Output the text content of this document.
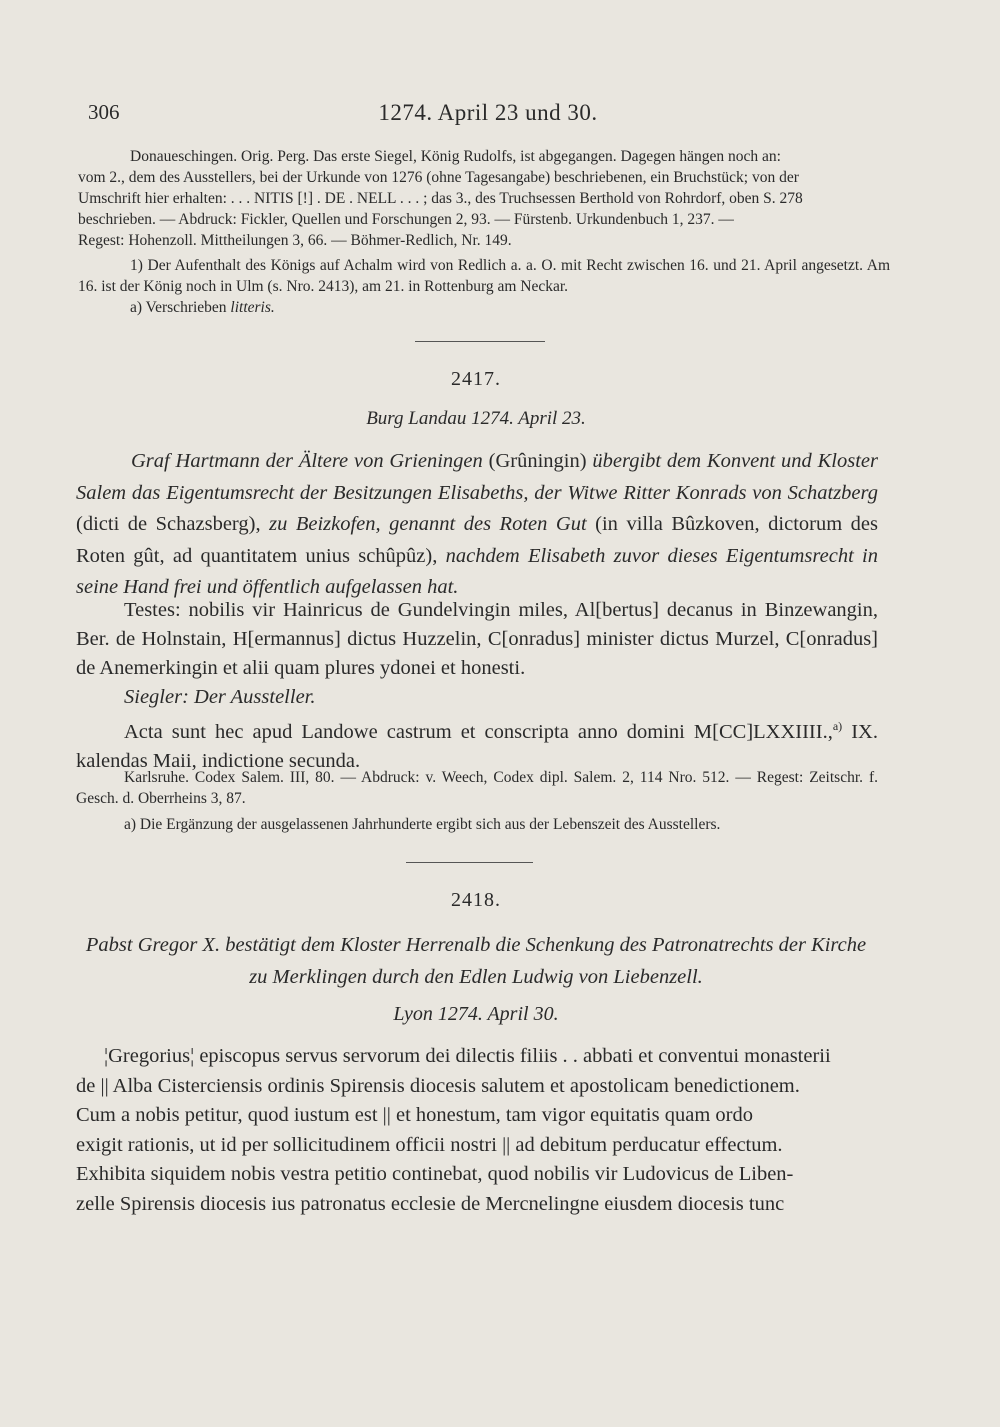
306	1274. April 23 und 30.

Donaueschingen. Orig. Perg. Das erste Siegel, König Rudolfs, ist abgegangen. Dagegen hängen noch an:

vom 2., dem des Ausstellers, bei der Urkunde von 1276 (ohne Tagesangabe) beschriebenen, ein Bruchstück; von der

Umschrift hier erhalten: . . . NITIS [!] . DE . NELL . . . ; das 3., des Truchsessen Berthold von Rohrdorf, oben S. 278

beschrieben. — Abdruck: Fickler, Quellen und Forschungen 2, 93. — Fürstenb. Urkundenbuch 1, 237. —

Regest: Hohenzoll. Mittheilungen 3, 66. — Böhmer-Redlich, Nr. 149.

1) Der Aufenthalt des Königs auf Achalm wird von Redlich a. a. O. mit Recht zwischen 16. und 21. April angesetzt. Am 16. ist der König noch in Ulm (s. Nro. 2413), am 21. in Rottenburg am Neckar.

a) Verschrieben litteris.

2417.
Burg Landau 1274. April 23.
Graf Hartmann der Ältere von Grieningen (Grûningin) übergibt dem Konvent und Kloster Salem das Eigentumsrecht der Besitzungen Elisabeths, der Witwe Ritter Konrads von Schatzberg (dicti de Schazsberg), zu Beizkofen, genannt des Roten Gut (in villa Bûzkoven, dictorum des Roten gût, ad quantitatem unius schûpûz), nachdem Elisabeth zuvor dieses Eigentumsrecht in seine Hand frei und öffentlich aufgelassen hat.

Testes: nobilis vir Hainricus de Gundelvingin miles, Al[bertus] decanus in Binzewangin, Ber. de Holnstain, H[ermannus] dictus Huzzelin, C[onradus] minister dictus Murzel, C[onradus] de Anemerkingin et alii quam plures ydonei et honesti.

Siegler: Der Aussteller.

Acta sunt hec apud Landowe castrum et conscripta anno domini M[CC]LXXIIII.,$^{a)}$ IX. kalendas Maii, indictione secunda.

Karlsruhe. Codex Salem. III, 80. — Abdruck: v. Weech, Codex dipl. Salem. 2, 114 Nro. 512. — Regest: Zeitschr. f. Gesch. d. Oberrheins 3, 87.

a) Die Ergänzung der ausgelassenen Jahrhunderte ergibt sich aus der Lebenszeit des Ausstellers.

2418.
Pabst Gregor X. bestätigt dem Kloster Herrenalb die Schenkung des Patronatrechts der Kirche
zu Merklingen durch den Edlen Ludwig von Liebenzell.
Lyon 1274. April 30.

¦Gregorius¦ episcopus servus servorum dei dilectis filiis . . abbati et conventui monasterii

de || Alba Cisterciensis ordinis Spirensis diocesis salutem et apostolicam benedictionem.

Cum a nobis petitur, quod iustum est || et honestum, tam vigor equitatis quam ordo

exigit rationis, ut id per sollicitudinem officii nostri || ad debitum perducatur effectum.

Exhibita siquidem nobis vestra petitio continebat, quod nobilis vir Ludovicus de Liben-

zelle Spirensis diocesis ius patronatus ecclesie de Mercnelingne eiusdem diocesis tunc
